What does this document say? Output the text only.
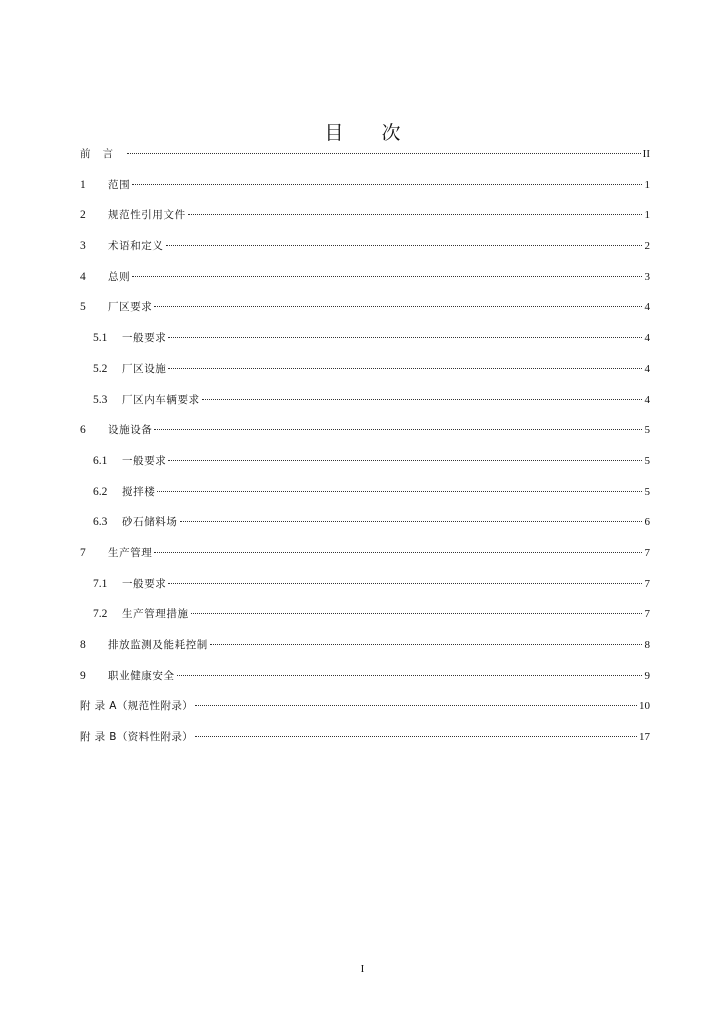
目 次
前言	II
1	范围	1
2	规范性引用文件	1
3	术语和定义	2
4	总则	3
5	厂区要求	4
5.1	一般要求	4
5.2	厂区设施	4
5.3	厂区内车辆要求	4
6	设施设备	5
6.1	一般要求	5
6.2	搅拌楼	5
6.3	砂石储料场	6
7	生产管理	7
7.1	一般要求	7
7.2	生产管理措施	7
8	排放监测及能耗控制	8
9	职业健康安全	9
附 录 A（规范性附录）	10
附 录 B（资料性附录）	17
I
